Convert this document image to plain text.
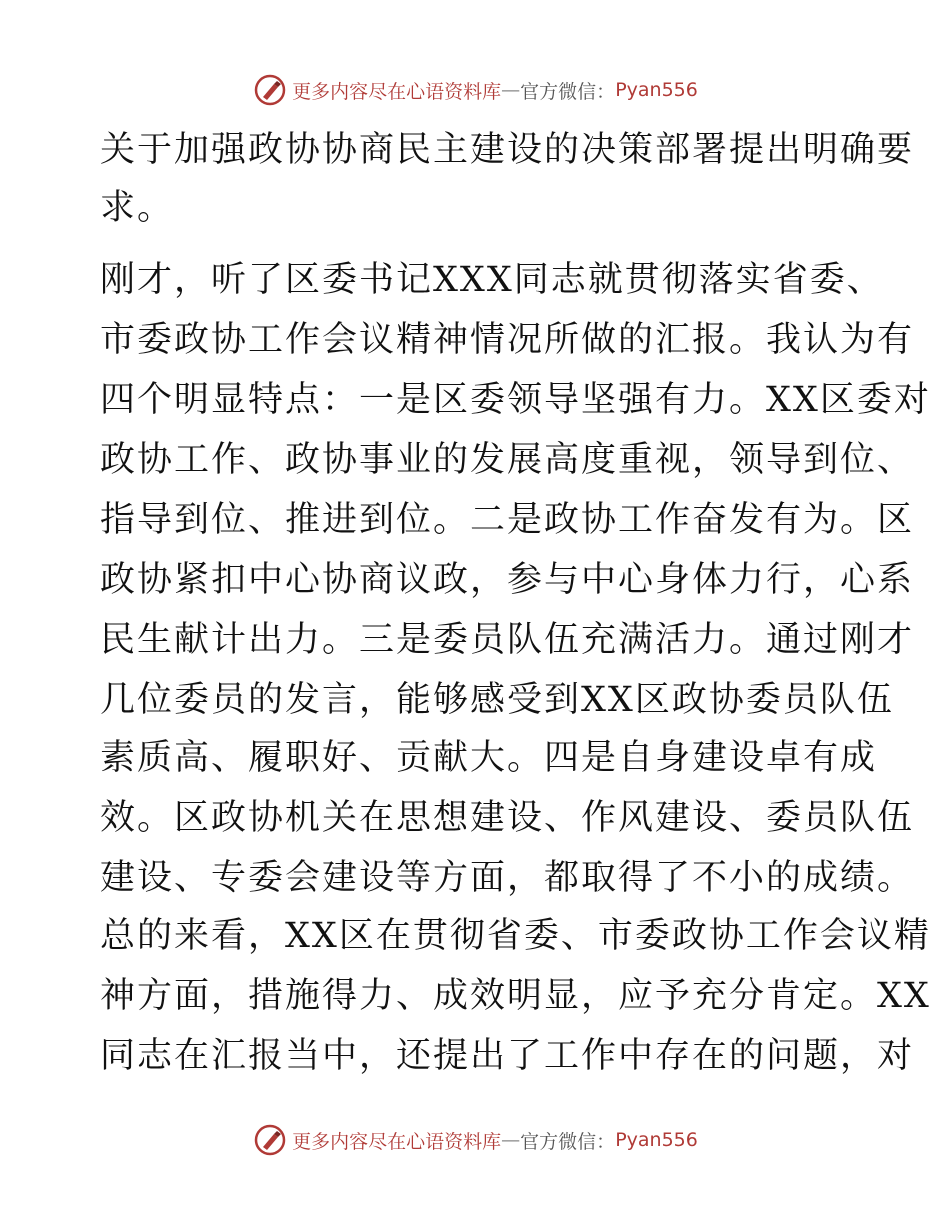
更多内容尽在心语资料库 — 官方微信： Pyan556
关于加强政协协商民主建设的决策部署提出明确要
求。
刚才，听了区委书记XXX同志就贯彻落实省委、
市委政协工作会议精神情况所做的汇报。我认为有
四个明显特点：一是区委领导坚强有力。XX区委对
政协工作、政协事业的发展高度重视，领导到位、
指导到位、推进到位。二是政协工作奋发有为。区
政协紧扣中心协商议政，参与中心身体力行，心系
民生献计出力。三是委员队伍充满活力。通过刚才
几位委员的发言，能够感受到XX区政协委员队伍
素质高、履职好、贡献大。四是自身建设卓有成
效。区政协机关在思想建设、作风建设、委员队伍
建设、专委会建设等方面，都取得了不小的成绩。
总的来看，XX区在贯彻省委、市委政协工作会议精
神方面，措施得力、成效明显，应予充分肯定。XX
同志在汇报当中，还提出了工作中存在的问题，对
更多内容尽在心语资料库 — 官方微信： Pyan556
